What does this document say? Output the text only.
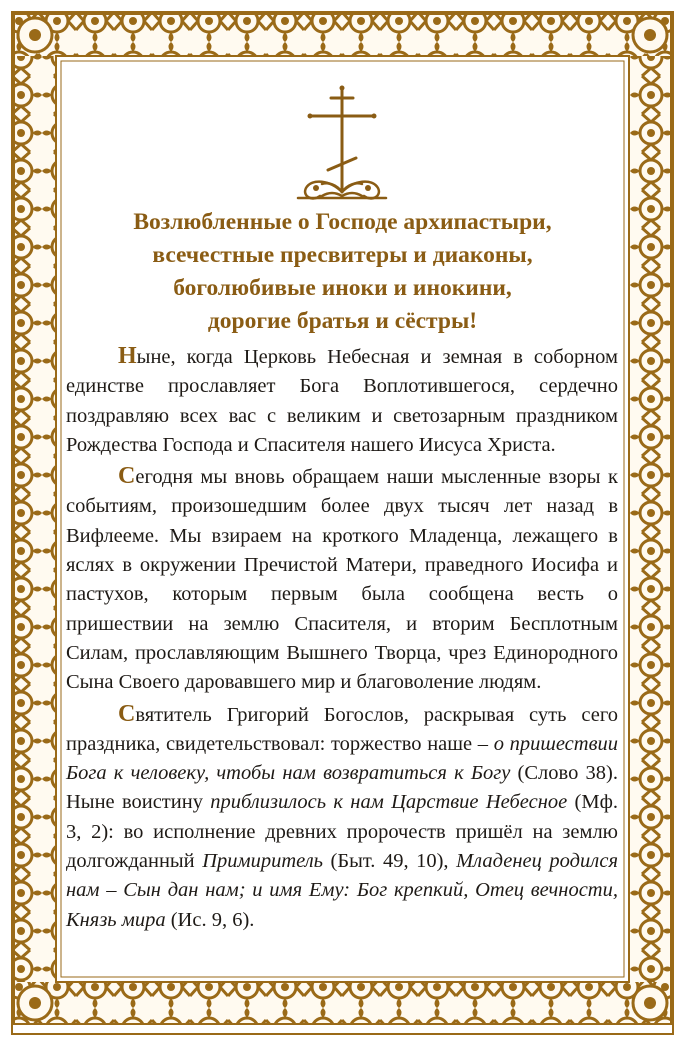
Возлюбленные о Господе архипастыри,
всечестные пресвитеры и диаконы,
боголюбивые иноки и инокини,
дорогие братья и сёстры!

Ныне, когда Церковь Небесная и земная в соборном единстве прославляет Бога Воплотившегося, сердечно поздравляю всех вас с великим и светозарным праздником Рождества Господа и Спасителя нашего Иисуса Христа.

Сегодня мы вновь обращаем наши мысленные взоры к событиям, произошедшим более двух тысяч лет назад в Вифлееме. Мы взираем на кроткого Младенца, лежащего в яслях в окружении Пречистой Матери, праведного Иосифа и пастухов, которым первым была сообщена весть о пришествии на землю Спасителя, и вторим Бесплотным Силам, прославляющим Вышнего Творца, чрез Единородного Сына Своего даровавшего мир и благоволение людям.

Святитель Григорий Богослов, раскрывая суть сего праздника, свидетельствовал: торжество наше – о пришествии Бога к человеку, чтобы нам возвратиться к Богу (Слово 38). Ныне воистину приблизилось к нам Царствие Небесное (Мф. 3, 2): во исполнение древних пророчеств пришёл на землю долгожданный Примиритель (Быт. 49, 10), Младенец родился нам – Сын дан нам; и имя Ему: Бог крепкий, Отец вечности, Князь мира (Ис. 9, 6).
